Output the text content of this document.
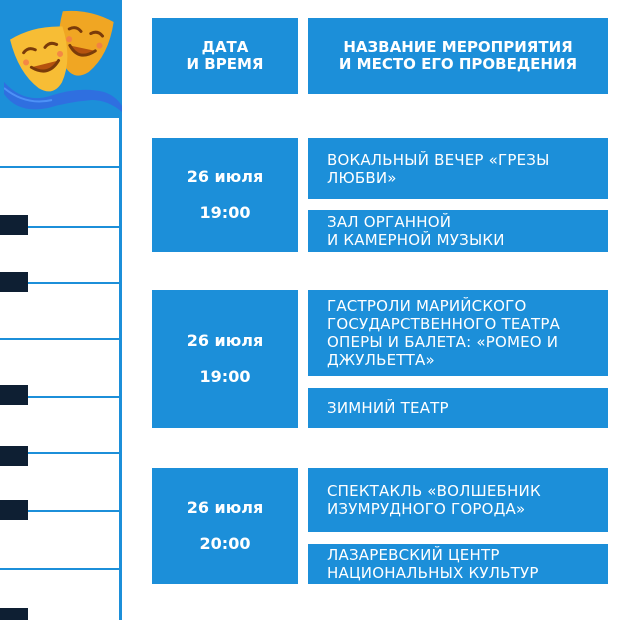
ДАТА
И ВРЕМЯ
НАЗВАНИЕ МЕРОПРИЯТИЯ
И МЕСТО ЕГО ПРОВЕДЕНИЯ
26 июля
19:00
ВОКАЛЬНЫЙ ВЕЧЕР «ГРЕЗЫ ЛЮБВИ»
ЗАЛ ОРГАННОЙ
И КАМЕРНОЙ МУЗЫКИ
26 июля
19:00
ГАСТРОЛИ МАРИЙСКОГО ГОСУДАРСТВЕННОГО ТЕАТРА ОПЕРЫ И БАЛЕТА: «РОМЕО И ДЖУЛЬЕТТА»
ЗИМНИЙ ТЕАТР
26 июля
20:00
СПЕКТАКЛЬ «ВОЛШЕБНИК ИЗУМРУДНОГО ГОРОДА»
ЛАЗАРЕВСКИЙ ЦЕНТР НАЦИОНАЛЬНЫХ КУЛЬТУР
